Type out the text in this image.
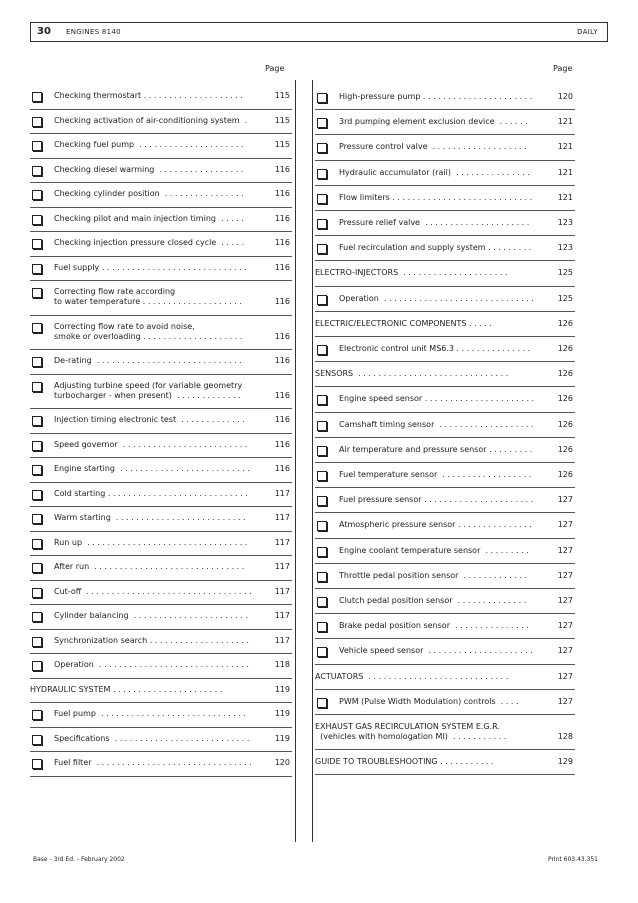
30 ENGINES 8140	DAILY
Page	Page
Checking thermostart . . . . . . . . . . . . . . . . . . . .	115
Checking activation of air-conditioning system  .	115
Checking fuel pump  . . . . . . . . . . . . . . . . . . . . .	115
Checking diesel warming  . . . . . . . . . . . . . . . . .	116
Checking cylinder position  . . . . . . . . . . . . . . . .	116
Checking pilot and main injection timing  . . . . .	116
Checking injection pressure closed cycle  . . . . .	116
Fuel supply . . . . . . . . . . . . . . . . . . . . . . . . . . . . .	116
Correcting flow rate according
to water temperature . . . . . . . . . . . . . . . . . . . .	116
Correcting flow rate to avoid noise,
smoke or overloading . . . . . . . . . . . . . . . . . . . .	116
De-rating  . . . . . . . . . . . . . . . . . . . . . . . . . . . . .	116
Adjusting turbine speed (for variable geometry
turbocharger - when present)  . . . . . . . . . . . . .	116
Injection timing electronic test  . . . . . . . . . . . . .	116
Speed governor  . . . . . . . . . . . . . . . . . . . . . . . . .	116
Engine starting  . . . . . . . . . . . . . . . . . . . . . . . . . .	116
Cold starting . . . . . . . . . . . . . . . . . . . . . . . . . . . .	117
Warm starting  . . . . . . . . . . . . . . . . . . . . . . . . . .	117
Run up  . . . . . . . . . . . . . . . . . . . . . . . . . . . . . . . .	117
After run  . . . . . . . . . . . . . . . . . . . . . . . . . . . . . .	117
Cut-off  . . . . . . . . . . . . . . . . . . . . . . . . . . . . . . . . .	117
Cylinder balancing  . . . . . . . . . . . . . . . . . . . . . . .	117
Synchronization search . . . . . . . . . . . . . . . . . . . .	117
Operation  . . . . . . . . . . . . . . . . . . . . . . . . . . . . . .	118
HYDRAULIC SYSTEM . . . . . . . . . . . . . . . . . . . . . .	119
Fuel pump  . . . . . . . . . . . . . . . . . . . . . . . . . . . . .	119
Specifications  . . . . . . . . . . . . . . . . . . . . . . . . . . .	119
Fuel filter  . . . . . . . . . . . . . . . . . . . . . . . . . . . . . . .	120
High-pressure pump . . . . . . . . . . . . . . . . . . . . . .	120
3rd pumping element exclusion device  . . . . . .	121
Pressure control valve  . . . . . . . . . . . . . . . . . . .	121
Hydraulic accumulator (rail)  . . . . . . . . . . . . . . .	121
Flow limiters . . . . . . . . . . . . . . . . . . . . . . . . . . . .	121
Pressure relief valve  . . . . . . . . . . . . . . . . . . . . .	123
Fuel recirculation and supply system . . . . . . . . .	123
ELECTRO-INJECTORS  . . . . . . . . . . . . . . . . . . . . .	125
Operation  . . . . . . . . . . . . . . . . . . . . . . . . . . . . . .	125
ELECTRIC/ELECTRONIC COMPONENTS . . . . .	126
Electronic control unit MS6.3 . . . . . . . . . . . . . . .	126
SENSORS  . . . . . . . . . . . . . . . . . . . . . . . . . . . . . .	126
Engine speed sensor . . . . . . . . . . . . . . . . . . . . . .	126
Camshaft timing sensor  . . . . . . . . . . . . . . . . . . .	126
Air temperature and pressure sensor . . . . . . . . .	126
Fuel temperature sensor  . . . . . . . . . . . . . . . . . .	126
Fuel pressure sensor . . . . . . . . . . . . . . . . . . . . . .	127
Atmospheric pressure sensor . . . . . . . . . . . . . . .	127
Engine coolant temperature sensor  . . . . . . . . .	127
Throttle pedal position sensor  . . . . . . . . . . . . .	127
Clutch pedal position sensor  . . . . . . . . . . . . . .	127
Brake pedal position sensor  . . . . . . . . . . . . . . .	127
Vehicle speed sensor  . . . . . . . . . . . . . . . . . . . . .	127
ACTUATORS  . . . . . . . . . . . . . . . . . . . . . . . . . . . .	127
PWM (Pulse Width Modulation) controls  . . . .	127
EXHAUST GAS RECIRCULATION SYSTEM E.G.R.
(vehicles with homologation MI)  . . . . . . . . . . .	128
GUIDE TO TROUBLESHOOTING . . . . . . . . . . .	129
Base - 3rd Ed. - February 2002	Print 603.43.351
